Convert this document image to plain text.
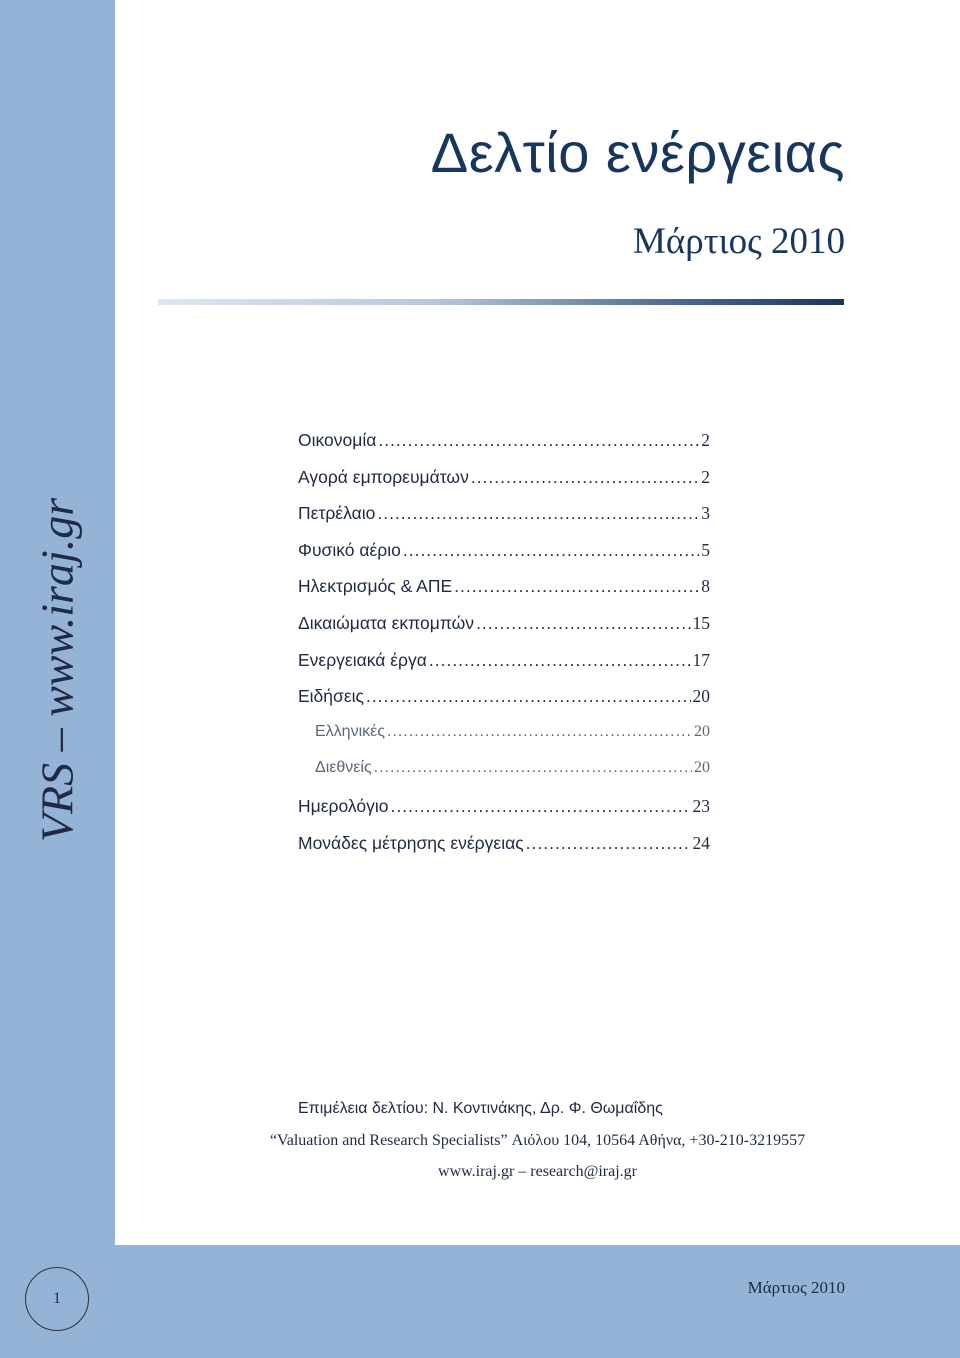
VRS – www.iraj.gr
Δελτίο ενέργειας
Μάρτιος 2010
Οικονομία .....	2
Αγορά εμπορευμάτων .....	2
Πετρέλαιο .....	3
Φυσικό αέριο .....	5
Ηλεκτρισμός & ΑΠΕ .....	8
Δικαιώματα εκπομπών .....	15
Ενεργειακά έργα .....	17
Ειδήσεις .....	20
Ελληνικές .....	20
Διεθνείς .....	20
Ημερολόγιο .....	23
Μονάδες μέτρησης ενέργειας .....	24
Επιμέλεια δελτίου: Ν. Κοντινάκης, Δρ. Φ. Θωμαΐδης
“Valuation and Research Specialists” Αιόλου 104, 10564 Αθήνα, +30-210-3219557
www.iraj.gr – research@iraj.gr
1
Μάρτιος 2010
